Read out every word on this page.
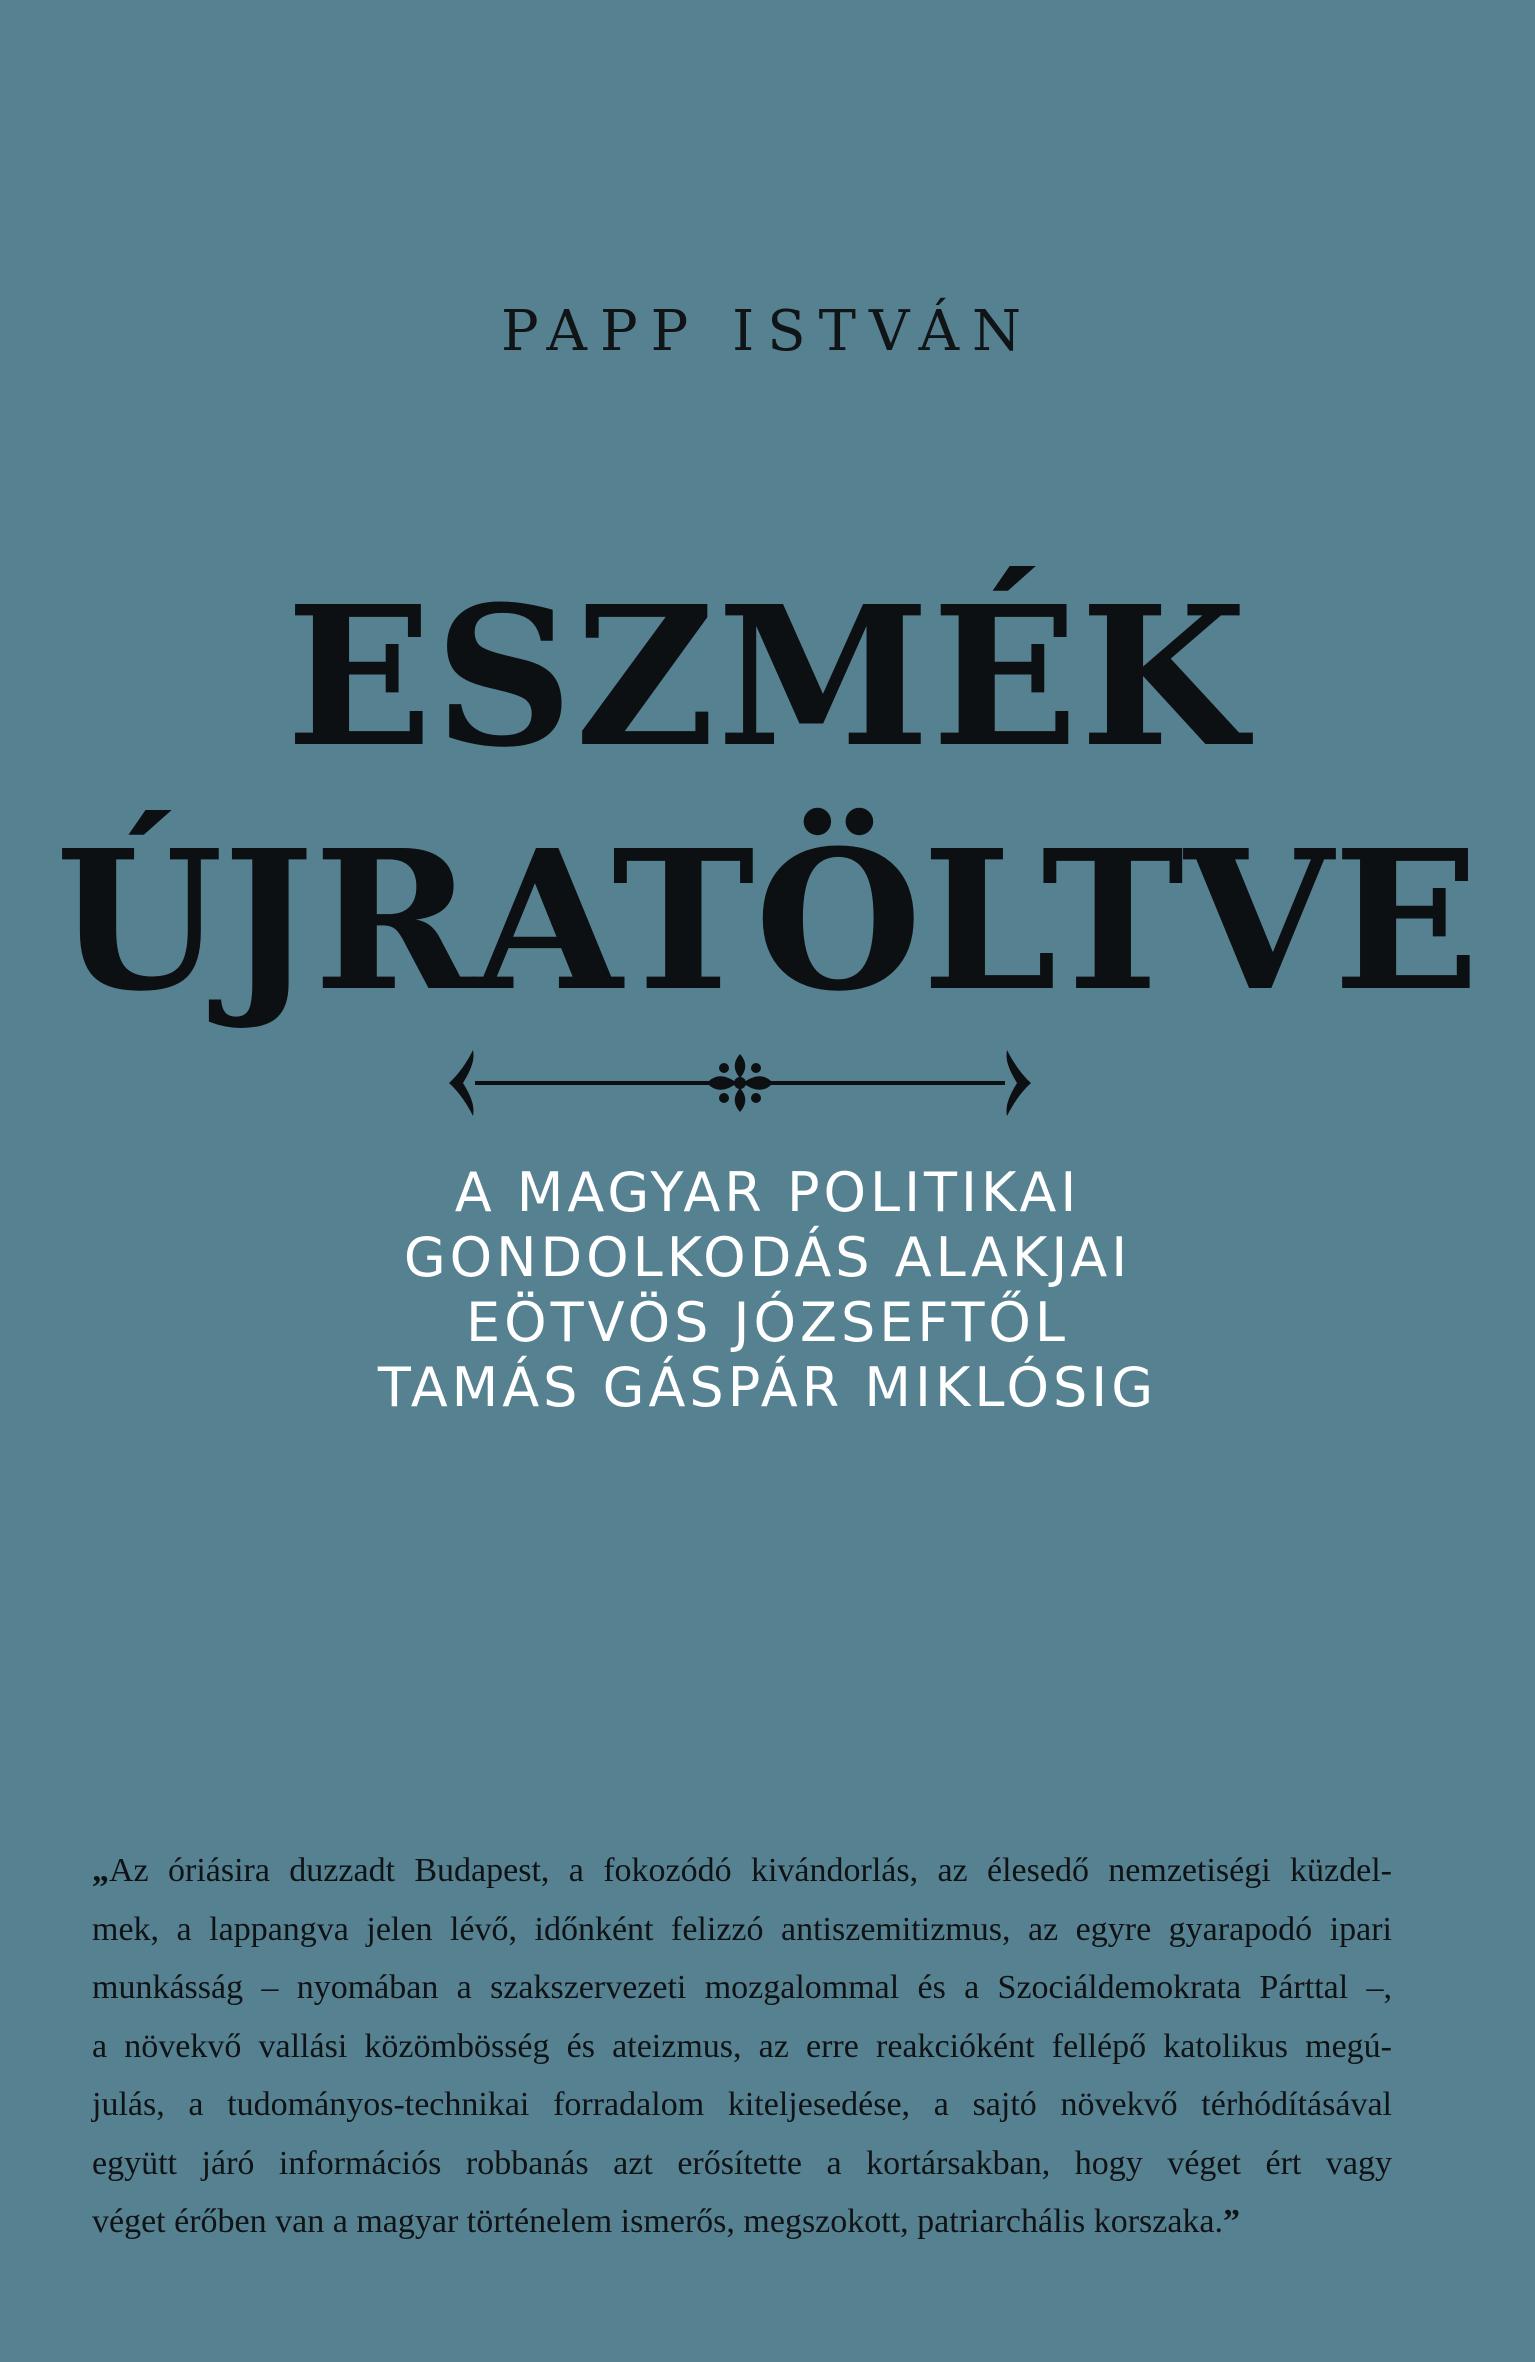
PAPP ISTVÁN
ESZMÉK
ÚJRATÖLTVE
A MAGYAR POLITIKAI
GONDOLKODÁS ALAKJAI
EÖTVÖS JÓZSEFTŐL
TAMÁS GÁSPÁR MIKLÓSIG
„Az óriásira duzzadt Budapest, a fokozódó kivándorlás, az élesedő nemzetiségi küzdel-
mek, a lappangva jelen lévő, időnként felizzó antiszemitizmus, az egyre gyarapodó ipari
munkásság – nyomában a szakszervezeti mozgalommal és a Szociáldemokrata Párttal –,
a növekvő vallási közömbösség és ateizmus, az erre reakcióként fellépő katolikus megú-
julás, a tudományos-technikai forradalom kiteljesedése, a sajtó növekvő térhódításával
együtt járó információs robbanás azt erősítette a kortársakban, hogy véget ért vagy
véget érőben van a magyar történelem ismerős, megszokott, patriarchális korszaka.”
